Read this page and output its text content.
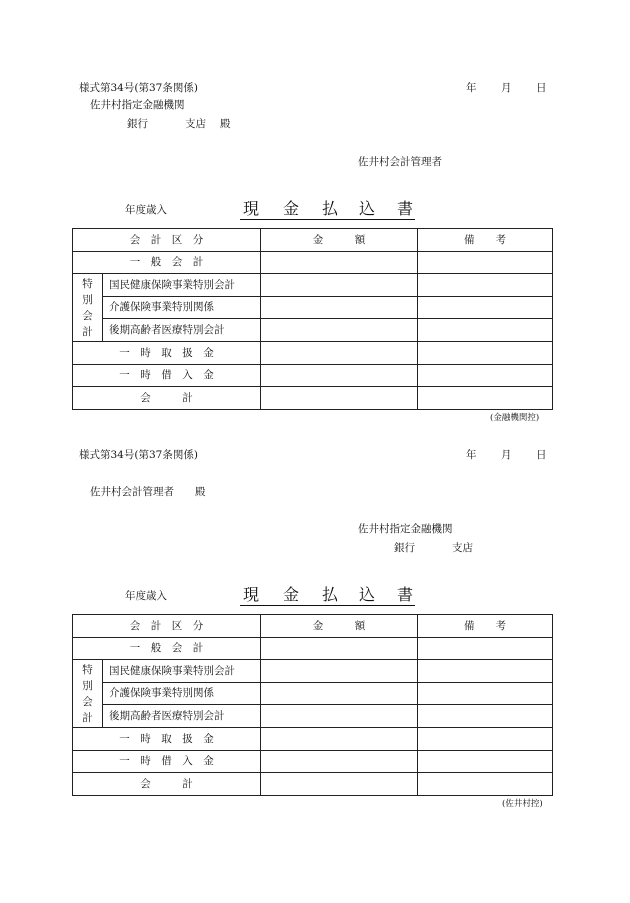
様式第34号(第37条関係)	年 月 日
佐井村指定金融機関
銀行	支店 殿
佐井村会計管理者
年度歳入	現 金 払 込 書
会　計　区　分		金　　　額	備　　考
一　般　会　計			

特
別
会
計	国民健康保険事業特別会計		
	介護保険事業特別関係		
	後期高齢者医療特別会計		
一　時　取　扱　金			
一　時　借　入　金			
会　　　計			
(金融機関控)
様式第34号(第37条関係)	年 月 日
佐井村会計管理者 殿
佐井村指定金融機関
銀行	支店
年度歳入	現 金 払 込 書
会　計　区　分		金　　　額	備　　考
一　般　会　計			

特
別
会
計	国民健康保険事業特別会計		
	介護保険事業特別関係		
	後期高齢者医療特別会計		
一　時　取　扱　金			
一　時　借　入　金			
会　　　計			
(佐井村控)
